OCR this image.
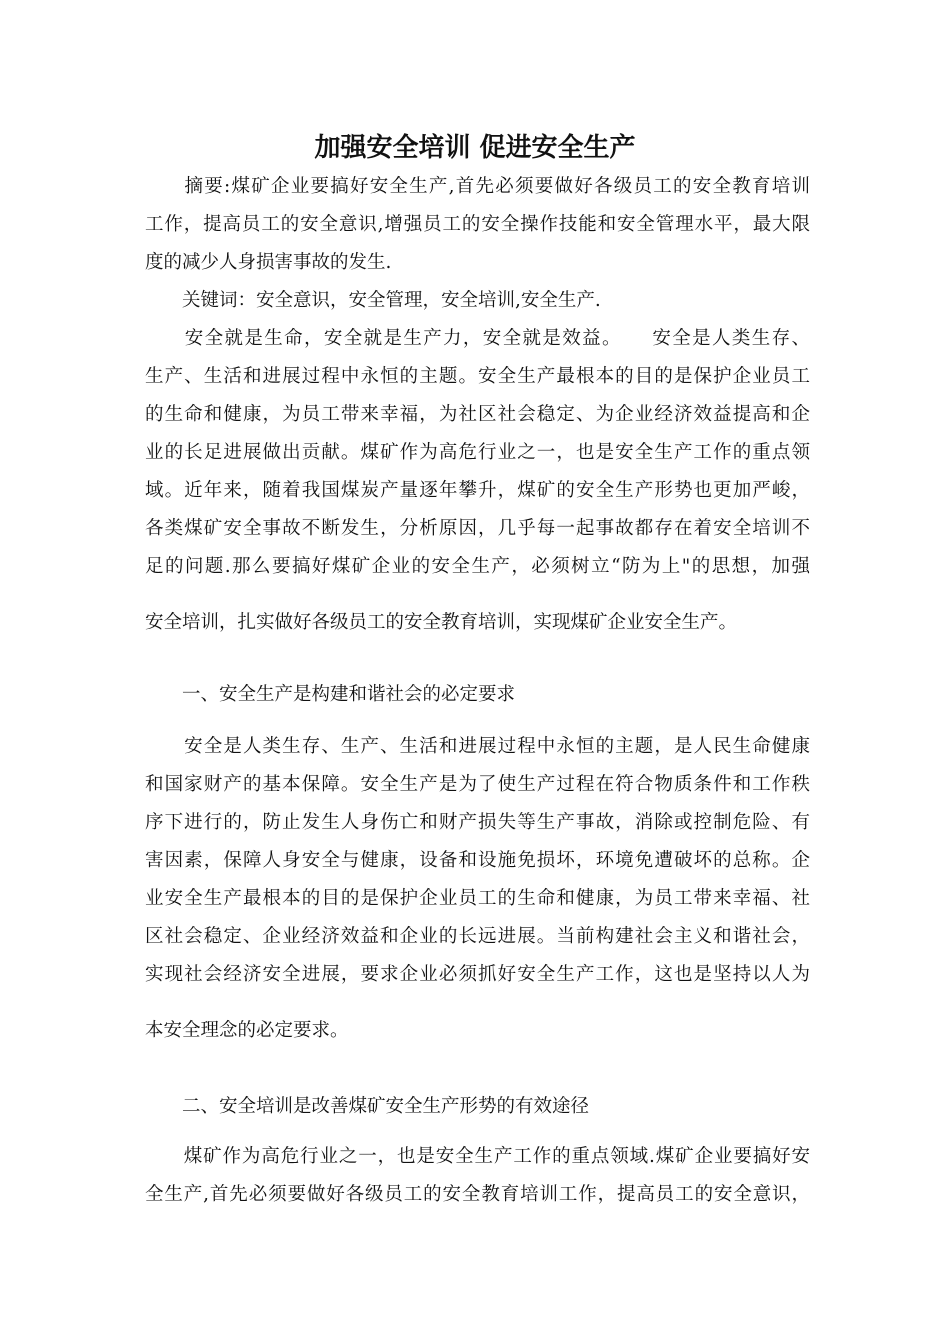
加强安全培训 促进安全生产
　　摘要:煤矿企业要搞好安全生产,首先必须要做好各级员工的安全教育培训
工作，提高员工的安全意识,增强员工的安全操作技能和安全管理水平，最大限
度的减少人身损害事故的发生.
　　关键词：安全意识，安全管理，安全培训,安全生产.
　　安全就是生命，安全就是生产力，安全就是效益。　　安全是人类生存、
生产、生活和进展过程中永恒的主题。安全生产最根本的目的是保护企业员工
的生命和健康，为员工带来幸福，为社区社会稳定、为企业经济效益提高和企
业的长足进展做出贡献。煤矿作为高危行业之一，也是安全生产工作的重点领
域。近年来，随着我国煤炭产量逐年攀升，煤矿的安全生产形势也更加严峻，
各类煤矿安全事故不断发生，分析原因，几乎每一起事故都存在着安全培训不
足的问题.那么要搞好煤矿企业的安全生产，必须树立“防为上"的思想，加强
安全培训，扎实做好各级员工的安全教育培训，实现煤矿企业安全生产。
　　一、安全生产是构建和谐社会的必定要求
　　安全是人类生存、生产、生活和进展过程中永恒的主题，是人民生命健康
和国家财产的基本保障。安全生产是为了使生产过程在符合物质条件和工作秩
序下进行的，防止发生人身伤亡和财产损失等生产事故，消除或控制危险、有
害因素，保障人身安全与健康，设备和设施免损坏，环境免遭破坏的总称。企
业安全生产最根本的目的是保护企业员工的生命和健康，为员工带来幸福、社
区社会稳定、企业经济效益和企业的长远进展。当前构建社会主义和谐社会，
实现社会经济安全进展，要求企业必须抓好安全生产工作，这也是坚持以人为
本安全理念的必定要求。
　　二、安全培训是改善煤矿安全生产形势的有效途径
　　煤矿作为高危行业之一，也是安全生产工作的重点领域.煤矿企业要搞好安
全生产,首先必须要做好各级员工的安全教育培训工作，提高员工的安全意识，
